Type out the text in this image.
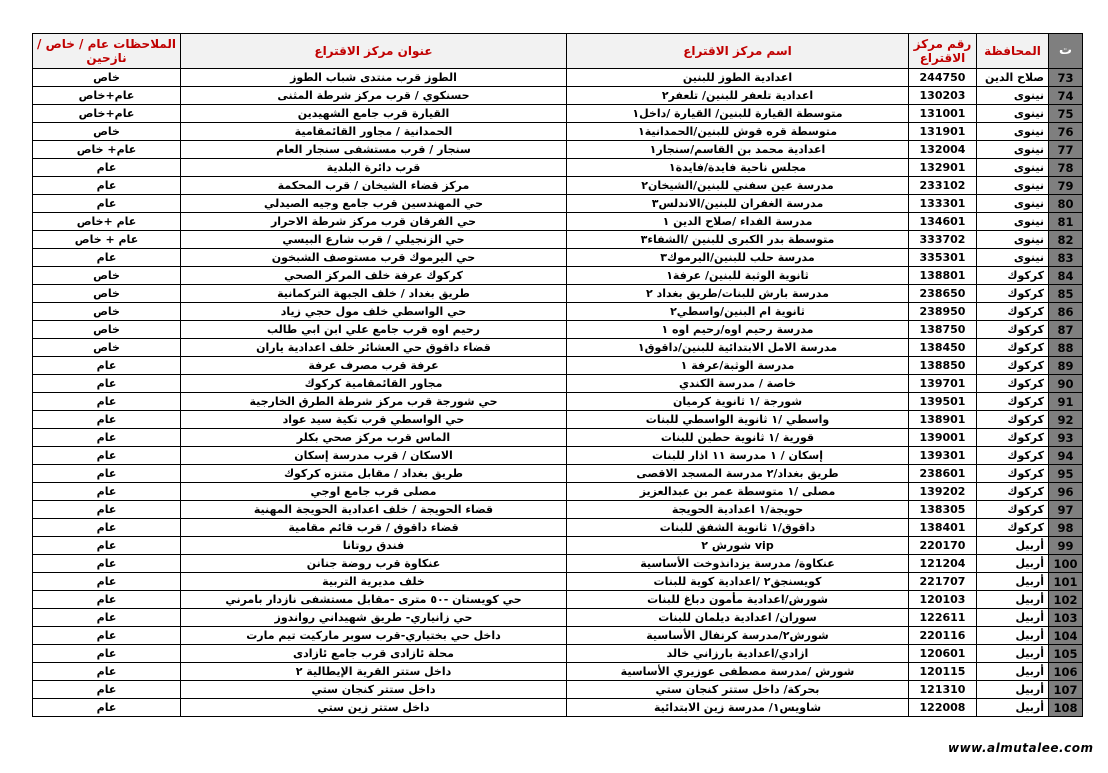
ت	المحافظة	رقم مركز الاقتراع	اسم مركز الاقتراع	عنوان مركز الاقتراع	الملاحظات عام / خاص / نازحين
73	صلاح الدين	244750	اعدادية الطوز للبنين	الطوز قرب منتدى شباب الطوز	خاص
74	نينوى	130203	اعدادية تلعفر للبنين/ تلعفر٢	حسنكوي / قرب مركز شرطة المثنى	عام+خاص
75	نينوى	131001	متوسطة القيارة للبنين/ القيارة /داخل١	القيارة قرب جامع الشهيدين	عام+خاص
76	نينوى	131901	متوسطة قره قوش للبنين/الحمدانية١	الحمدانية / مجاور القائمقامية	خاص
77	نينوى	132004	اعدادية محمد بن القاسم/سنجار١	سنجار / قرب مستشفى سنجار العام	عام+ خاص
78	نينوى	132901	مجلس ناحية فايدة/فايدة١	قرب دائرة البلدية	عام
79	نينوى	233102	مدرسة عين سفني للبنين/الشيخان٢	مركز قضاء الشيخان / قرب المحكمة	عام
80	نينوى	133301	مدرسة الغفران للبنين/الاندلس٣	حي المهندسين قرب جامع وجيه الصيدلي	عام
81	نينوى	134601	مدرسة الفداء /صلاح الدين ١	حي الفرقان قرب مركز شرطة الاحرار	عام +خاص
82	نينوى	333702	متوسطة بدر الكبرى للبنين /الشفاء٣	حي الزنجيلي / قرب شارع البيسي	عام + خاص
83	نينوى	335301	مدرسة حلب للبنين/اليرموك٣	حي اليرموك قرب مستوصف الشبخون	عام
84	كركوك	138801	ثانوية الوثبة للبنين/ عرفة١	كركوك عرفة خلف المركز الصحي	خاص
85	كركوك	238650	مدرسة بارش للبنات/طريق بغداد ٢	طريق بغداد / خلف الجبهة التركمانية	خاص
86	كركوك	238950	ثانوية ام البنين/واسطي٢	حي الواسطي خلف مول حجي زياد	خاص
87	كركوك	138750	مدرسة رحيم اوه/رحيم اوه ١	رحيم اوه قرب جامع علي ابن ابي طالب	خاص
88	كركوك	138450	مدرسة الامل الابتدائية للبنين/داقوق١	قضاء داقوق حي العشائر خلف اعدادية ياران	خاص
89	كركوك	138850	مدرسة الوثبة/عرفة ١	عرفة قرب مصرف عرفة	عام
90	كركوك	139701	خاصة / مدرسة الكندي	مجاور القائمقامية كركوك	عام
91	كركوك	139501	شورجة /١ ثانوية كرميان	حي شورجة قرب مركز شرطة الطرق الخارجية	عام
92	كركوك	138901	واسطي /١ ثانوية الواسطي للبنات	حي الواسطي قرب تكية سيد عواد	عام
93	كركوك	139001	قورية /١ ثانوية حطين للبنات	الماس قرب مركز صحي بكلر	عام
94	كركوك	139301	إسكان / ١ مدرسة ١١ اذار للبنات	الاسكان / قرب مدرسة إسكان	عام
95	كركوك	238601	طريق بغداد/٢ مدرسة المسجد الاقصى	طريق بغداد / مقابل متنزه كركوك	عام
96	كركوك	139202	مصلى /١ متوسطة عمر بن عبدالعزيز	مصلى قرب جامع اوجي	عام
97	كركوك	138305	حويجة/١ اعدادية الحويجة	قضاء الحويجة / خلف اعدادية الحويجة المهنية	عام
98	كركوك	138401	داقوق/١ ثانوية الشفق للبنات	قضاء داقوق / قرب قائم مقامية	عام
99	أربيل	220170	vip شورش ٢	فندق روتانا	عام
100	أربيل	121204	عنكاوة/ مدرسة يزدانذوخت الأساسية	عنكاوة قرب روضة جنانن	عام
101	أربيل	221707	كويسنجق٢ /اعدادية كوية للبنات	خلف مديرية التربية	عام
102	أربيل	120103	شورش/اعدادية مأمون دباغ للبنات	حي كويستان -٥٠ مترى -مقابل مستشفى نازدار بامرني	عام
103	أربيل	122611	سوران/ اعدادية ديلمان للبنات	حي زانياري- طريق شهيداني رواندوز	عام
104	أربيل	220116	شورش٢/مدرسة كرنفال الأساسية	داخل حي بختياري-قرب سوبر ماركيت تيم مارت	عام
105	أربيل	120601	ازادي/اعدادية بارزاني خالد	محلة ئازادى قرب جامع ئازادى	عام
106	أربيل	120115	شورش /مدرسة مصطفى عوزيري الأساسية	داخل ستتر القرية الإيطالية ٢	عام
107	أربيل	121310	بحركة/ داخل ستتر كنجان ستي	داخل ستتر كنجان ستي	عام
108	أربيل	122008	شاويس١/ مدرسة زين الابتدائية	داخل ستتر زين ستي	عام
www.almutalee.com
